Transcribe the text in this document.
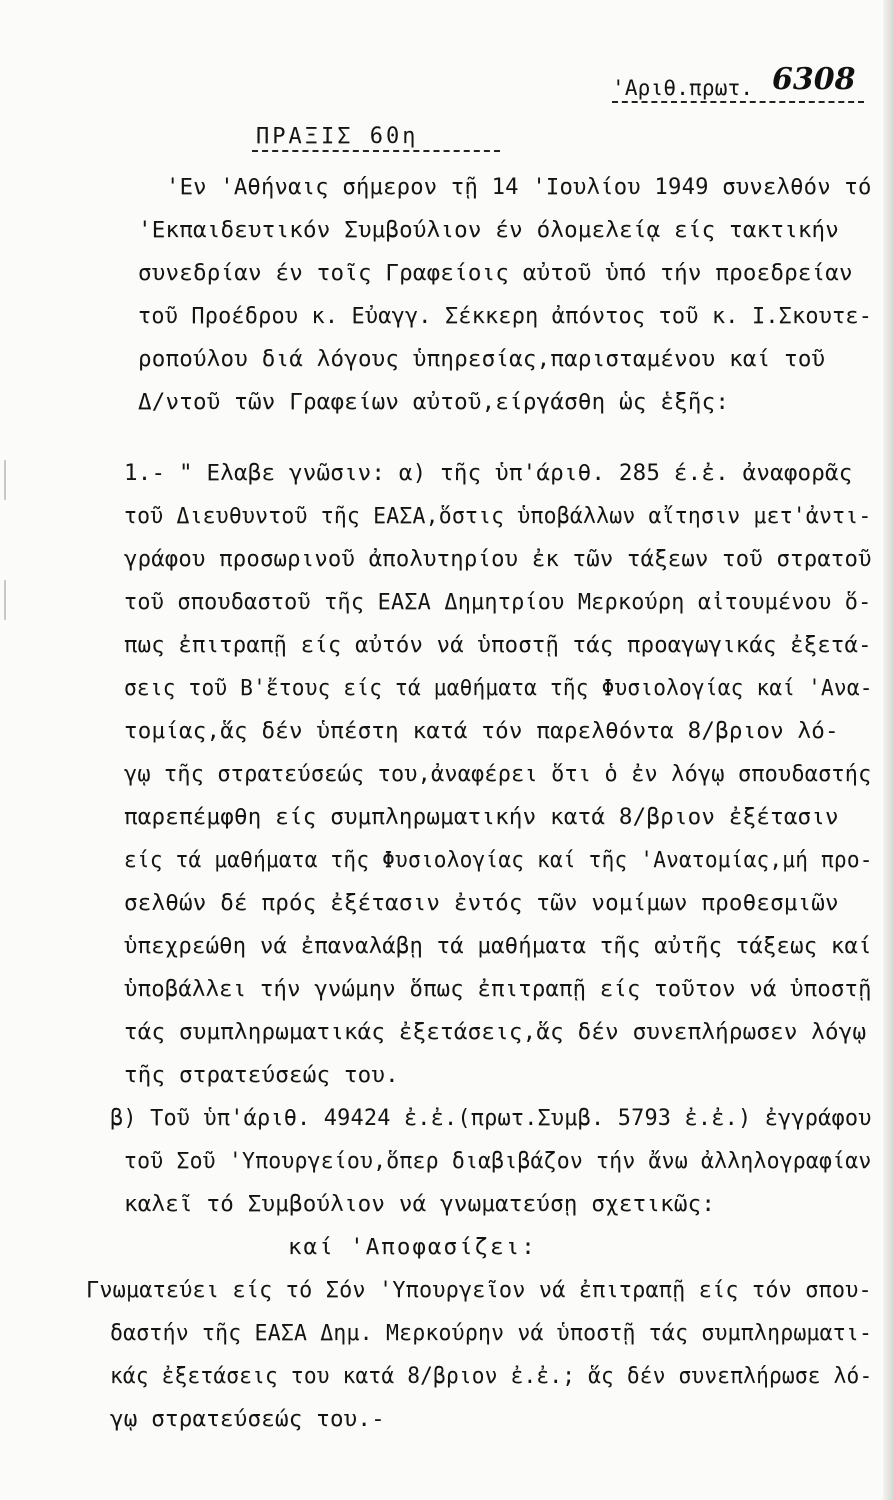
'Αριθ.πρωτ. 6308
ΠΡΑΞΙΣ 60η
'Εν 'Αθήναις σήμερον τῇ 14 'Ιουλίου 1949 συνελθόν τό
'Εκπαιδευτικόν Συμβούλιον έν όλομελείᾳ είς τακτικήν
συνεδρίαν έν τοῖς Γραφείοις αὐτοῦ ὑπό τήν προεδρείαν
τοῦ Προέδρου κ. Εὐαγγ. Σέκκερη ἀπόντος τοῦ κ. Ι.Σκουτε-
ροπούλου διά λόγους ὑπηρεσίας,παρισταμένου καί τοῦ
Δ/ντοῦ τῶν Γραφείων αὐτοῦ,είργάσθη ὡς ἑξῆς:
1.- " Ελαβε γνῶσιν: α) τῆς ὑπ'άριθ. 285 έ.ἐ. ἀναφορᾶς
τοῦ Διευθυντοῦ τῆς ΕΑΣΑ,ὅστις ὑποβάλλων αἴτησιν μετ'ἀντι-
γράφου προσωρινοῦ ἀπολυτηρίου ἐκ τῶν τάξεων τοῦ στρατοῦ
τοῦ σπουδαστοῦ τῆς ΕΑΣΑ Δημητρίου Μερκούρη αἰτουμένου ὅ-
πως ἐπιτραπῇ είς αὐτόν νά ὑποστῇ τάς προαγωγικάς ἐξετά-
σεις τοῦ Β'ἔτους είς τά μαθήματα τῆς Φυσιολογίας καί 'Ανα-
τομίας,ἅς δέν ὑπέστη κατά τόν παρελθόντα 8/βριον λό-
γῳ τῆς στρατεύσεώς του,ἀναφέρει ὅτι ὁ ἐν λόγῳ σπουδαστής
παρεπέμφθη είς συμπληρωματικήν κατά 8/βριον ἐξέτασιν
είς τά μαθήματα τῆς Φυσιολογίας καί τῆς 'Ανατομίας,μή προ-
σελθών δέ πρός ἐξέτασιν ἐντός τῶν νομίμων προθεσμιῶν
ὑπεχρεώθη νά ἐπαναλάβῃ τά μαθήματα τῆς αὐτῆς τάξεως καί
ὑποβάλλει τήν γνώμην ὅπως ἐπιτραπῇ είς τοῦτον νά ὑποστῇ
τάς συμπληρωματικάς ἐξετάσεις,ἅς δέν συνεπλήρωσεν λόγῳ
τῆς στρατεύσεώς του.
β) Τοῦ ὑπ'άριθ. 49424 ἐ.ἐ.(πρωτ.Συμβ. 5793 ἐ.ἐ.) ἐγγράφου
τοῦ Σοῦ 'Υπουργείου,ὅπερ διαβιβάζον τήν ἄνω ἀλληλογραφίαν
καλεῖ τό Συμβούλιον νά γνωματεύσῃ σχετικῶς:
καί 'Αποφασίζει:
Γνωματεύει είς τό Σόν 'Υπουργεῖον νά ἐπιτραπῇ είς τόν σπου-
δαστήν τῆς ΕΑΣΑ Δημ. Μερκούρην νά ὑποστῇ τάς συμπληρωματι-
κάς ἐξετάσεις του κατά 8/βριον ἐ.ἐ.; ἅς δέν συνεπλήρωσε λό-
γῳ στρατεύσεώς του.-
